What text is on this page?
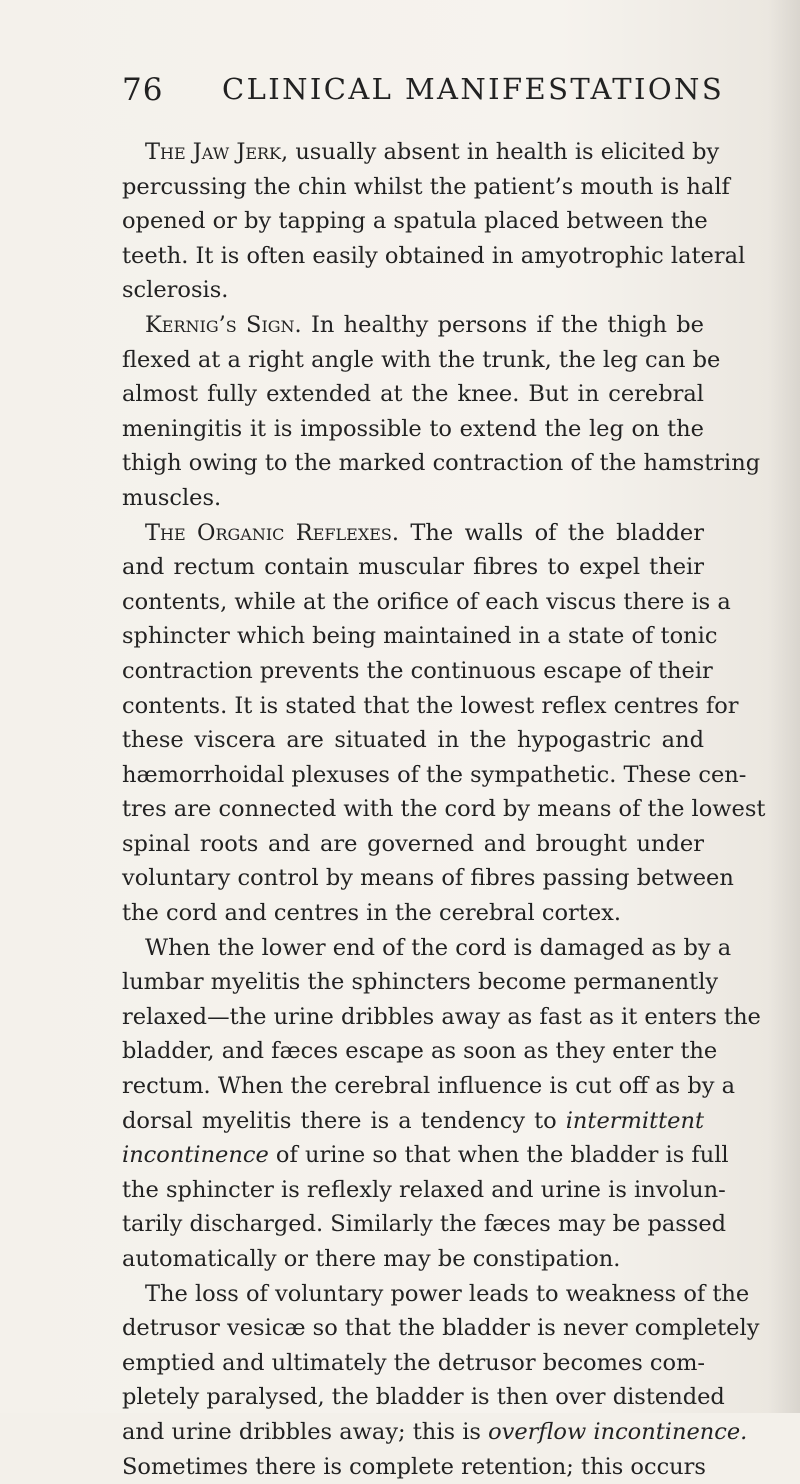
76 CLINICAL MANIFESTATIONS
The Jaw Jerk, usually absent in health is elicited by
percussing the chin whilst the patient’s mouth is half
opened or by tapping a spatula placed between the
teeth. It is often easily obtained in amyotrophic lateral
sclerosis.
Kernig’s Sign. In healthy persons if the thigh be
flexed at a right angle with the trunk, the leg can be
almost fully extended at the knee. But in cerebral
meningitis it is impossible to extend the leg on the
thigh owing to the marked contraction of the hamstring
muscles.
The Organic Reflexes. The walls of the bladder
and rectum contain muscular fibres to expel their
contents, while at the orifice of each viscus there is a
sphincter which being maintained in a state of tonic
contraction prevents the continuous escape of their
contents. It is stated that the lowest reflex centres for
these viscera are situated in the hypogastric and
hæmorrhoidal plexuses of the sympathetic. These cen-
tres are connected with the cord by means of the lowest
spinal roots and are governed and brought under
voluntary control by means of fibres passing between
the cord and centres in the cerebral cortex.
When the lower end of the cord is damaged as by a
lumbar myelitis the sphincters become permanently
relaxed—the urine dribbles away as fast as it enters the
bladder, and fæces escape as soon as they enter the
rectum. When the cerebral influence is cut off as by a
dorsal myelitis there is a tendency to intermittent
incontinence of urine so that when the bladder is full
the sphincter is reflexly relaxed and urine is involun-
tarily discharged. Similarly the fæces may be passed
automatically or there may be constipation.
The loss of voluntary power leads to weakness of the
detrusor vesicæ so that the bladder is never completely
emptied and ultimately the detrusor becomes com-
pletely paralysed, the bladder is then over distended
and urine dribbles away; this is overflow incontinence.
Sometimes there is complete retention; this occurs
